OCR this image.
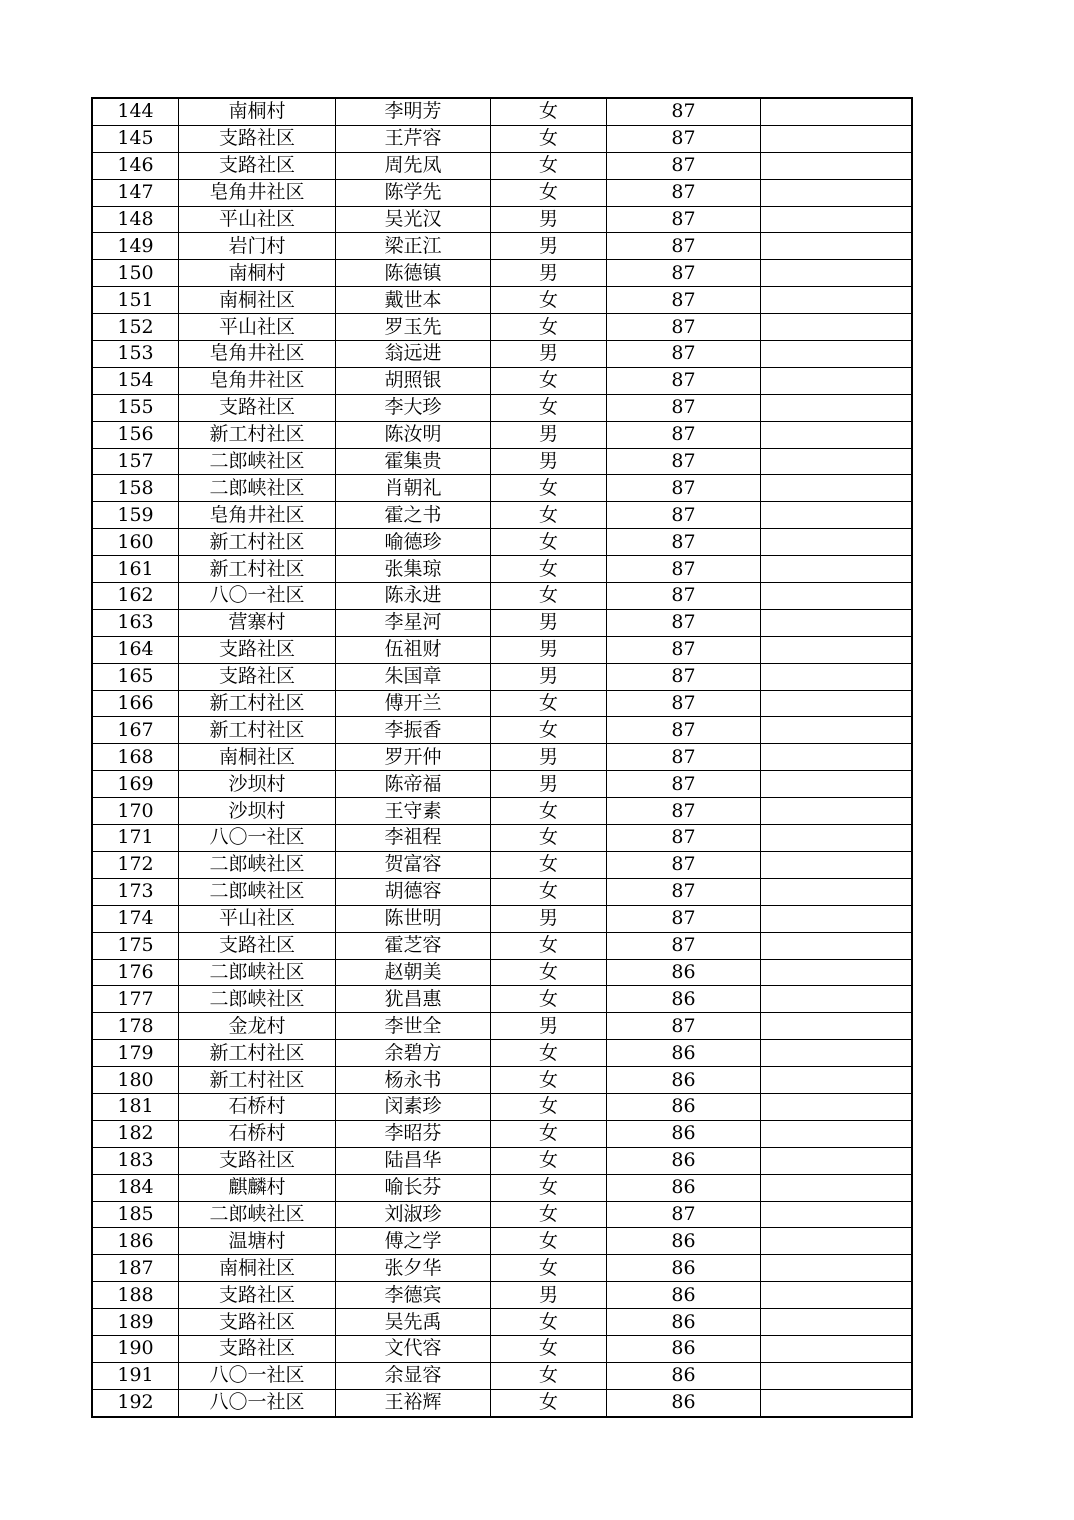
144	南桐村	李明芳	女	87	
145	支路社区	王芹容	女	87	
146	支路社区	周先凤	女	87	
147	皂角井社区	陈学先	女	87	
148	平山社区	吴光汉	男	87	
149	岩门村	梁正江	男	87	
150	南桐村	陈德镇	男	87	
151	南桐社区	戴世本	女	87	
152	平山社区	罗玉先	女	87	
153	皂角井社区	翁远进	男	87	
154	皂角井社区	胡照银	女	87	
155	支路社区	李大珍	女	87	
156	新工村社区	陈汝明	男	87	
157	二郎峡社区	霍集贵	男	87	
158	二郎峡社区	肖朝礼	女	87	
159	皂角井社区	霍之书	女	87	
160	新工村社区	喻德珍	女	87	
161	新工村社区	张集琼	女	87	
162	八〇一社区	陈永进	女	87	
163	营寨村	李星河	男	87	
164	支路社区	伍祖财	男	87	
165	支路社区	朱国章	男	87	
166	新工村社区	傅开兰	女	87	
167	新工村社区	李振香	女	87	
168	南桐社区	罗开仲	男	87	
169	沙坝村	陈帝福	男	87	
170	沙坝村	王守素	女	87	
171	八〇一社区	李祖程	女	87	
172	二郎峡社区	贺富容	女	87	
173	二郎峡社区	胡德容	女	87	
174	平山社区	陈世明	男	87	
175	支路社区	霍芝容	女	87	
176	二郎峡社区	赵朝美	女	86	
177	二郎峡社区	犹昌惠	女	86	
178	金龙村	李世全	男	87	
179	新工村社区	余碧方	女	86	
180	新工村社区	杨永书	女	86	
181	石桥村	闵素珍	女	86	
182	石桥村	李昭芬	女	86	
183	支路社区	陆昌华	女	86	
184	麒麟村	喻长芬	女	86	
185	二郎峡社区	刘淑珍	女	87	
186	温塘村	傅之学	女	86	
187	南桐社区	张夕华	女	86	
188	支路社区	李德宾	男	86	
189	支路社区	吴先禹	女	86	
190	支路社区	文代容	女	86	
191	八〇一社区	余显容	女	86	
192	八〇一社区	王裕辉	女	86	
